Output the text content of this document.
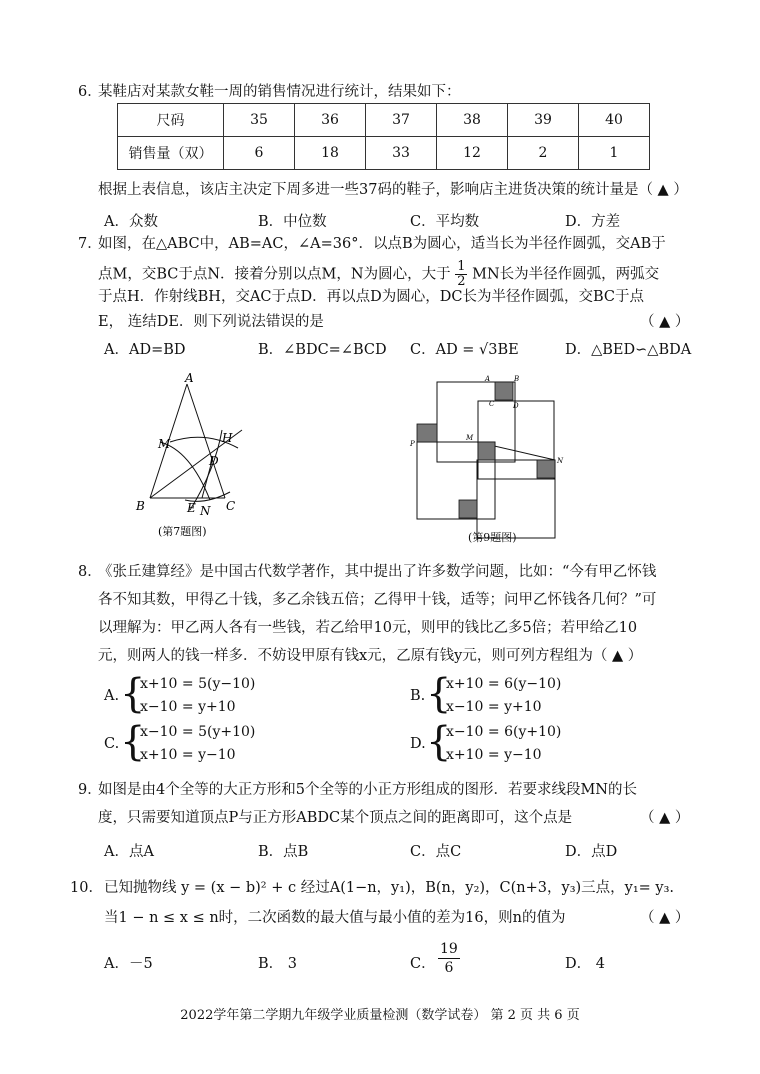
6．
某鞋店对某款女鞋一周的销售情况进行统计，结果如下：
尺码	35	36	37	38	39	40
销售量（双）	6	18	33	12	2	1
根据上表信息，该店主决定下周多进一些37码的鞋子，影响店主进货决策的统计量是（ ▲ ）
A．众数	B．中位数	C．平均数	D．方差
7．
如图，在△ABC中，AB=AC，∠A=36°．以点B为圆心，适当长为半径作圆弧，交AB于
点M，交BC于点N．接着分别以点M，N为圆心，大于 $\frac{1}{2}$ MN长为半径作圆弧，两弧交
于点H．作射线BH，交AC于点D．再以点D为圆心，DC长为半径作圆弧，交BC于点
E， 连结DE．则下列说法错误的是	（ ▲ ）
A．AD=BD	B．∠BDC=∠BCD C．AD = √3BE	D．△BED∽△BDA
A
B	C
M	H
D
E N
(第7题图)
A	B
C	D
P
M
N
(第9题图)
8．
《张丘建算经》是中国古代数学著作，其中提出了许多数学问题，比如：“今有甲乙怀钱
各不知其数，甲得乙十钱，多乙余钱五倍；乙得甲十钱，适等；问甲乙怀钱各几何？”可
以理解为：甲乙两人各有一些钱，若乙给甲10元，则甲的钱比乙多5倍；若甲给乙10
元，则两人的钱一样多．不妨设甲原有钱x元，乙原有钱y元，则可列方程组为（ ▲ ）
A. {
x+10 = 5(y−10)
x−10 = y+10
B. {
x+10 = 6(y−10)
x−10 = y+10
C. {
x−10 = 5(y+10)
x+10 = y−10
D. {
x−10 = 6(y+10)
x+10 = y−10
9．
如图是由4个全等的大正方形和5个全等的小正方形组成的图形．若要求线段MN的长
度，只需要知道顶点P与正方形ABDC某个顶点之间的距离即可，这个点是	（ ▲ ）
A．点A	B．点B	C．点C	D．点D
10． 已知抛物线 y = (x − b)² + c 经过A(1−n，y₁)，B(n，y₂)，C(n+3，y₃)三点，y₁= y₃.
当1 − n ≤ x ≤ n时，二次函数的最大值与最小值的差为16，则n的值为	（ ▲ ）
A．－5	B． 3	C． $\frac{19}{6}$	D． 4
2022学年第二学期九年级学业质量检测（数学试卷） 第 2 页 共 6 页
